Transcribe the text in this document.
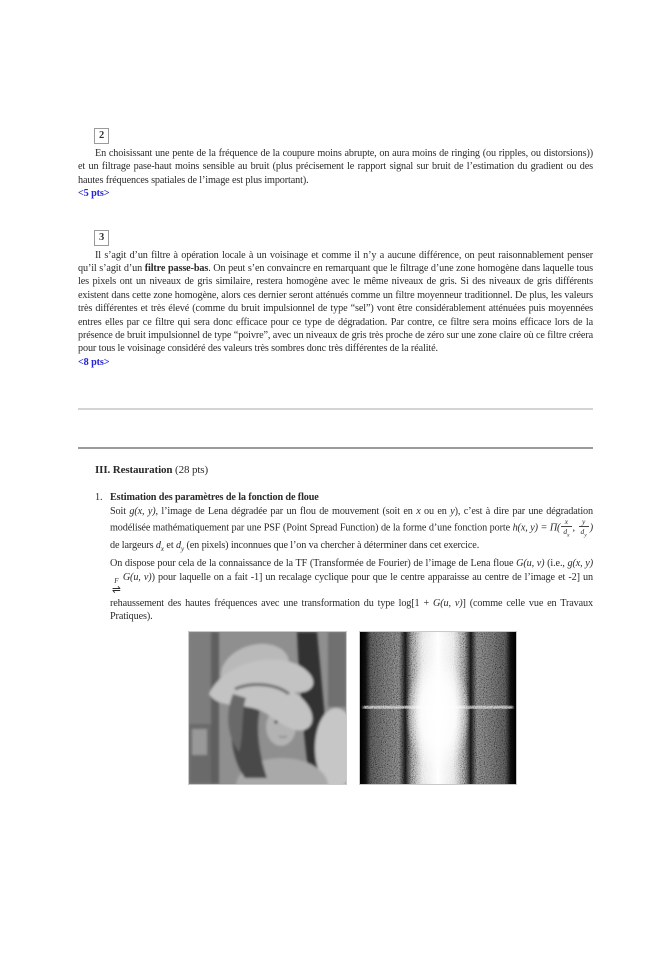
2

En choisissant une pente de la fréquence de la coupure moins abrupte, on aura moins de ringing (ou ripples, ou distorsions)) et un filtrage pase-haut moins sensible au bruit (plus précisement le rapport signal sur bruit de l’estimation du gradient ou des hautes fréquences spatiales de l’image est plus important).

<5 pts>

3

Il s’agit d’un filtre à opération locale à un voisinage et comme il n’y a aucune différence, on peut raisonnablement penser qu’il s’agit d’un filtre passe-bas. On peut s’en convaincre en remarquant que le filtrage d’une zone homogène dans laquelle tous les pixels ont un niveaux de gris similaire, restera homogène avec le même niveaux de gris. Si des niveaux de gris différents existent dans cette zone homogène, alors ces dernier seront atténués comme un filtre moyenneur traditionnel. De plus, les valeurs très différentes et très élevé (comme du bruit impulsionnel de type “sel”) vont être considérablement atténuées puis moyennées entres elles par ce filtre qui sera donc efficace pour ce type de dégradation. Par contre, ce filtre sera moins efficace lors de la présence de bruit impulsionnel de type “poivre”, avec un niveaux de gris très proche de zéro sur une zone claire où ce filtre créera pour tous le voisinage considéré des valeurs très sombres donc très différentes de la réalité.

<8 pts>

III. Restauration (28 pts)

1. Estimation des paramètres de la fonction de floue

Soit g(x, y), l’image de Lena dégradée par un flou de mouvement (soit en x ou en y), c’est à dire par une dégradation modélisée mathématiquement par une PSF (Point Spread Function) de la forme d’une fonction porte h(x, $y) = \Pi( \frac{x}{d_x}$ , $\frac{y}{d_y}$ ) de largeurs $d_x$ et $d_y$ (en pixels) inconnues que l’on va chercher à déterminer dans cet exercice.

On dispose pour cela de la connaissance de la TF (Transformée de Fourier) de l’image de Lena floue G(u, ν) (i.e., g(x, y)
F
⇌
G(u, ν)) pour laquelle on a fait -1] un recalage cyclique pour que le centre apparaisse au centre de l’image et -2] un rehaussement des hautes fréquences avec une transformation du type log[1 + G(u, ν)] (comme celle vue en Travaux Pratiques).
